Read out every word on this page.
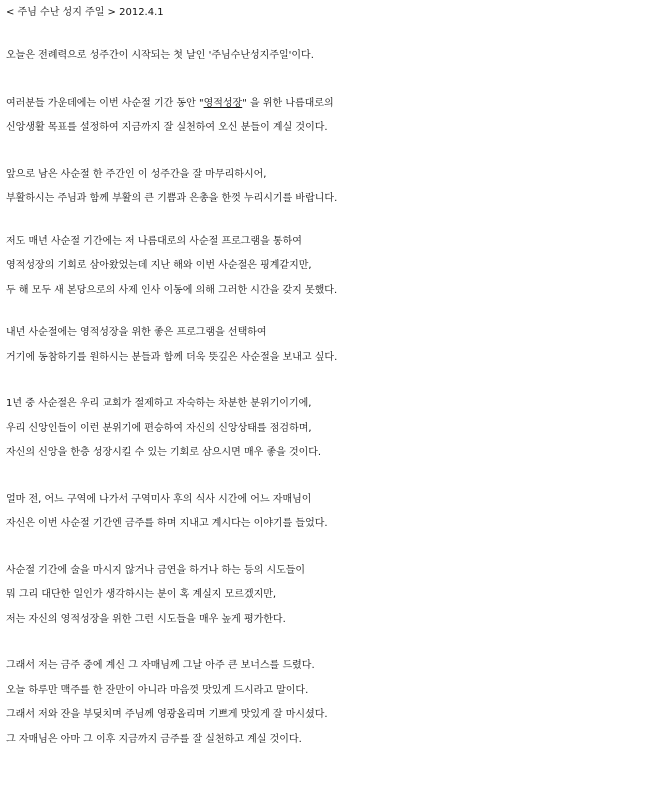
< 주님 수난 성지 주일 > 2012.4.1

오늘은 전례력으로 성주간이 시작되는 첫 날인 '주님수난성지주일'이다.

여러분들 가운데에는 이번 사순절 기간 동안 "영적성장" 을 위한 나름대로의
신앙생활 목표를 설정하여 지금까지 잘 실천하여 오신 분들이 계실 것이다.

앞으로 남은 사순절 한 주간인 이 성주간을 잘 마무리하시어,
부활하시는 주님과 함께 부활의 큰 기쁨과 은총을 한껏 누리시기를 바랍니다.

저도 매년 사순절 기간에는 저 나름대로의 사순절 프로그램을 통하여
영적성장의 기회로 삼아왔었는데 지난 해와 이번 사순절은 핑계같지만,
두 해 모두 새 본당으로의 사제 인사 이동에 의해 그러한 시간을 갖지 못했다.

내년 사순절에는 영적성장을 위한 좋은 프로그램을 선택하여
거기에 동참하기를 원하시는 분들과 함께 더욱 뜻깊은 사순절을 보내고 싶다.

1년 중 사순절은 우리 교회가 절제하고 자숙하는 차분한 분위기이기에,
우리 신앙인들이 이런 분위기에 편승하여 자신의 신앙상태를 점검하며,
자신의 신앙을 한층 성장시킬 수 있는 기회로 삼으시면 매우 좋을 것이다.

얼마 전, 어느 구역에 나가서 구역미사 후의 식사 시간에 어느 자매님이
자신은 이번 사순절 기간엔 금주를 하며 지내고 계시다는 이야기를 들었다.

사순절 기간에 술을 마시지 않거나 금연을 하거나 하는 등의 시도들이
뭐 그리 대단한 일인가 생각하시는 분이 혹 계실지 모르겠지만,
저는 자신의 영적성장을 위한 그런 시도들을 매우 높게 평가한다.

그래서 저는 금주 중에 계신 그 자매님께 그날 아주 큰 보너스를 드렸다.
오늘 하루만 맥주를 한 잔만이 아니라 마음껏 맛있게 드시라고 말이다.
그래서 저와 잔을 부딪치며 주님께 영광올리며 기쁘게 맛있게 잘 마시셨다.
그 자매님은 아마 그 이후 지금까지 금주를 잘 실천하고 계실 것이다.
